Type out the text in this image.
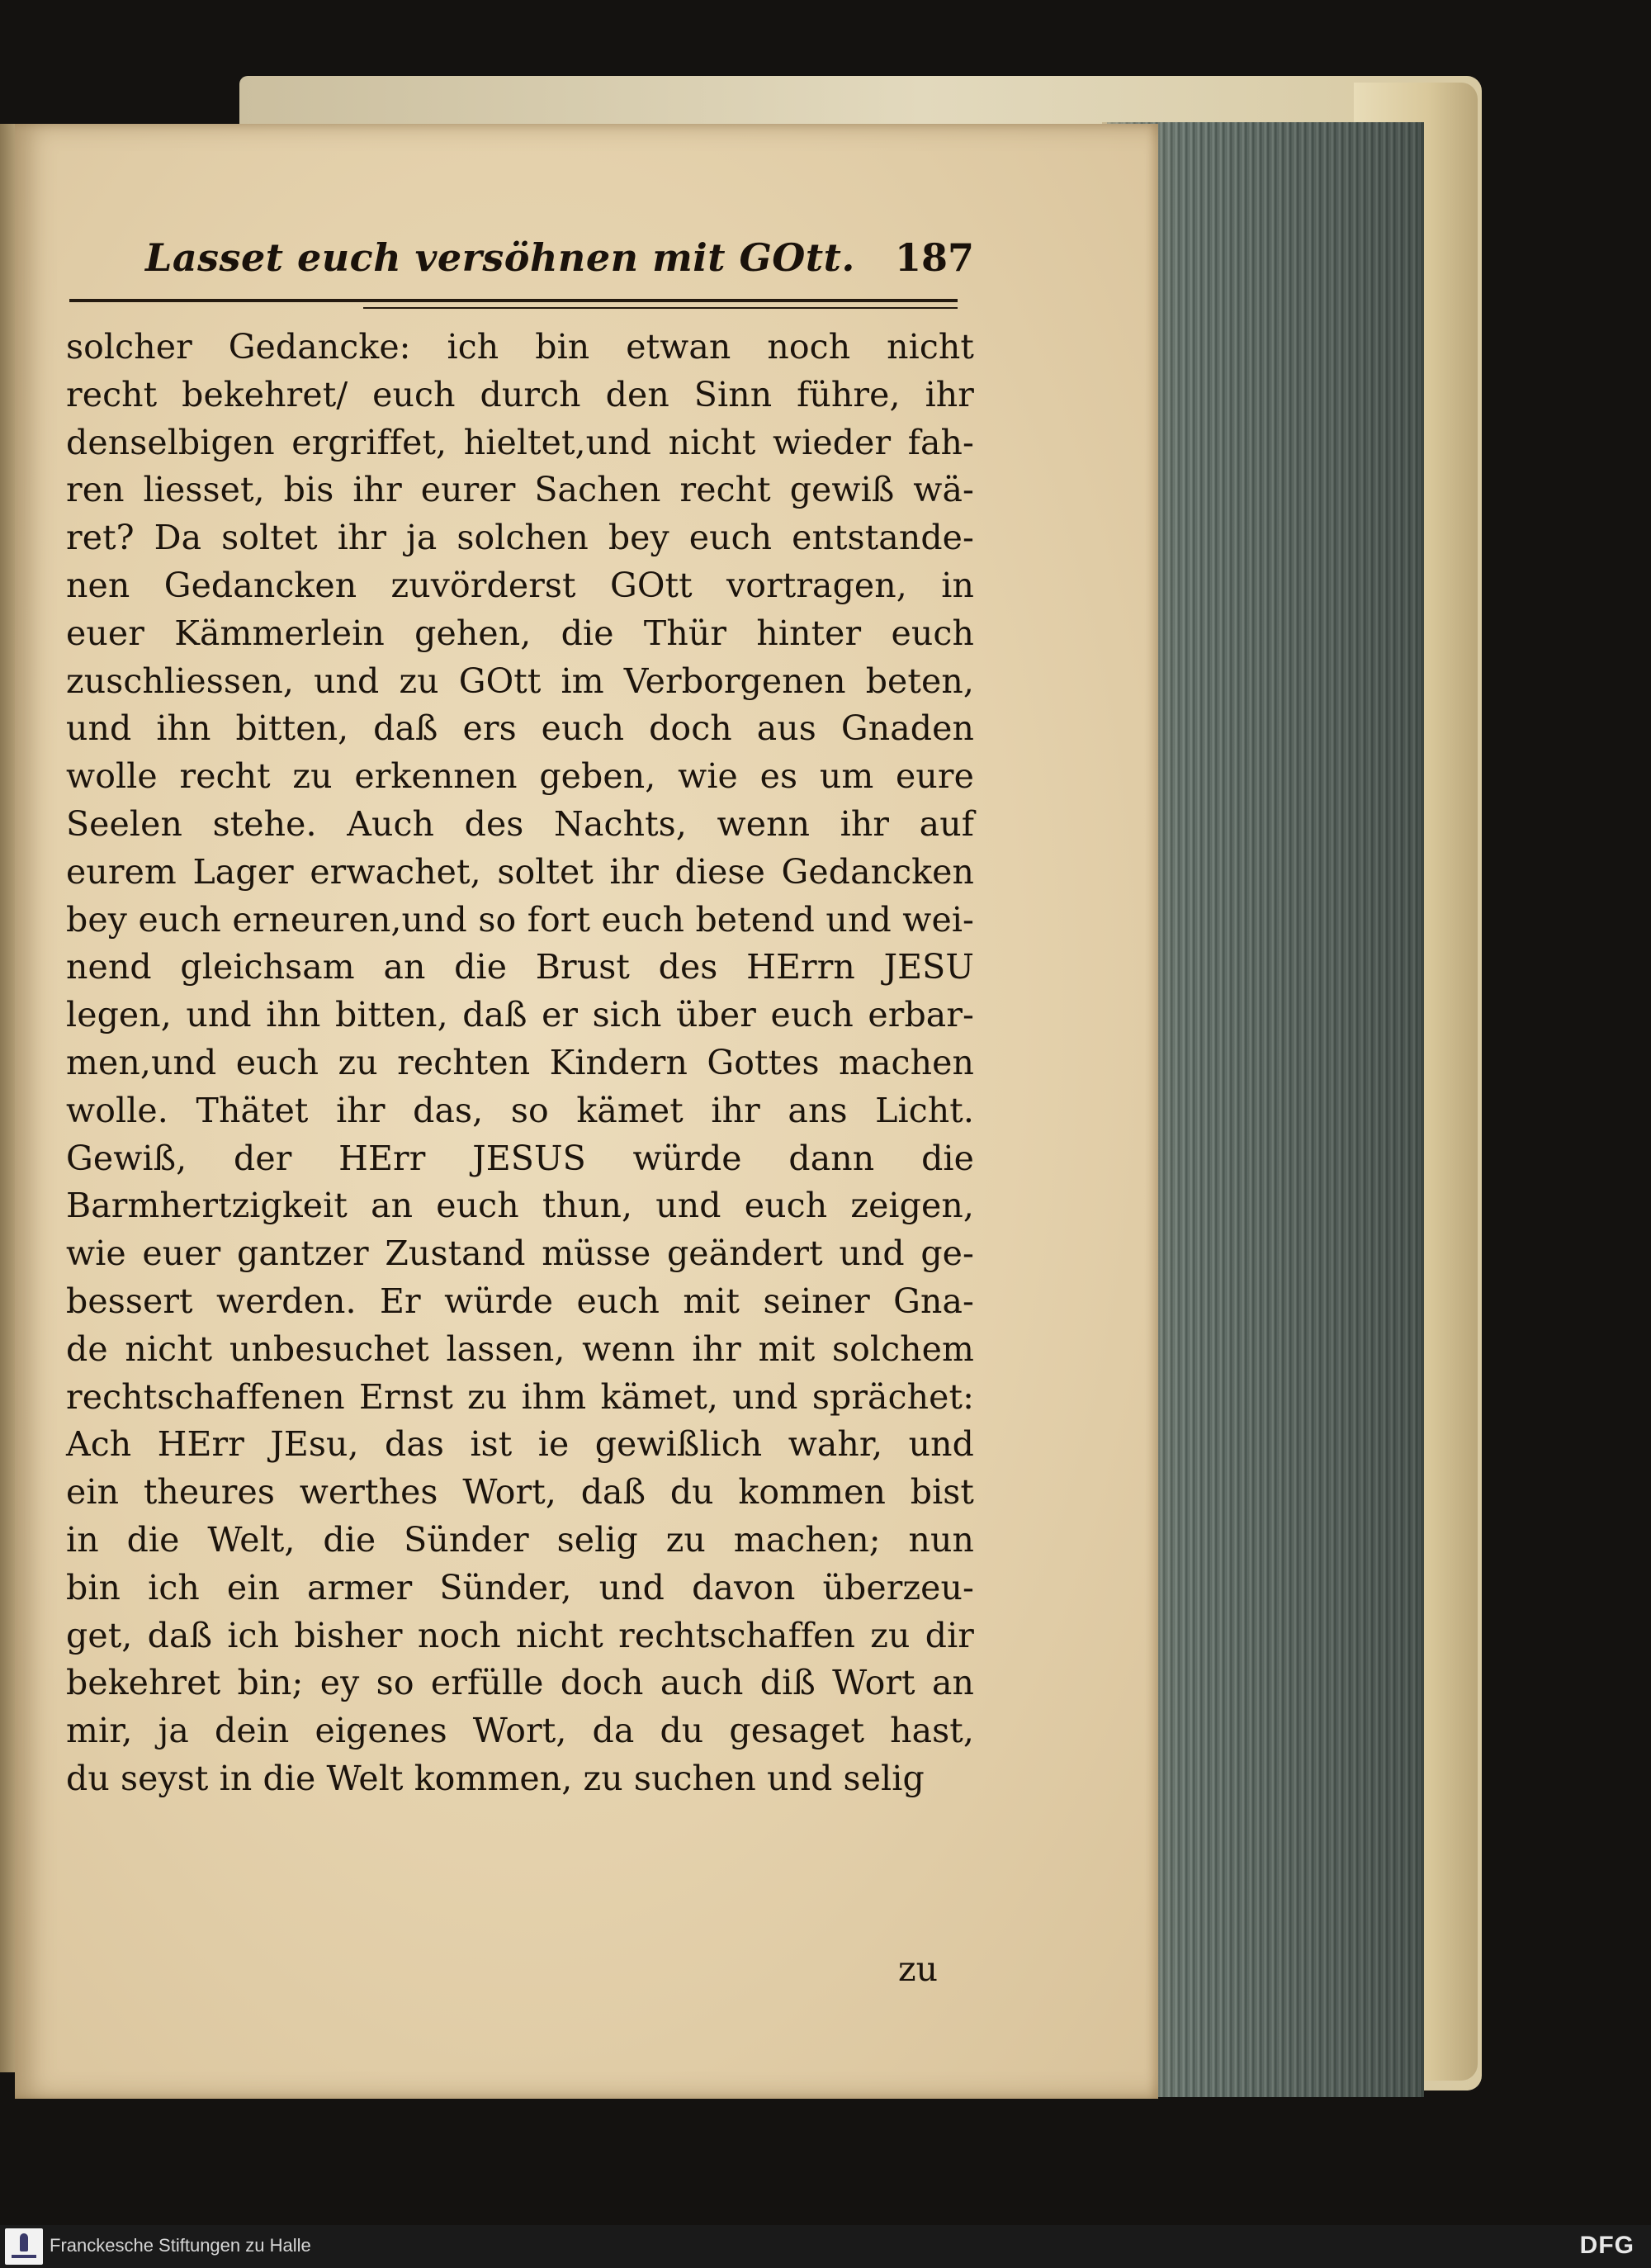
Lasset euch versöhnen mit GOtt. 187
solcher Gedancke: ich bin etwan noch nicht
recht bekehret/ euch durch den Sinn führe, ihr
denselbigen ergriffet, hieltet,und nicht wieder fah-
ren liesset, bis ihr eurer Sachen recht gewiß wä-
ret? Da soltet ihr ja solchen bey euch entstande-
nen Gedancken zuvörderst GOtt vortragen, in
euer Kämmerlein gehen, die Thür hinter euch
zuschliessen, und zu GOtt im Verborgenen beten,
und ihn bitten, daß ers euch doch aus Gnaden
wolle recht zu erkennen geben, wie es um eure
Seelen stehe. Auch des Nachts, wenn ihr auf
eurem Lager erwachet, soltet ihr diese Gedancken
bey euch erneuren,und so fort euch betend und wei-
nend gleichsam an die Brust des HErrn JESU
legen, und ihn bitten, daß er sich über euch erbar-
men,und euch zu rechten Kindern Gottes machen
wolle. Thätet ihr das, so kämet ihr ans Licht.
Gewiß, der HErr JESUS würde dann die
Barmhertzigkeit an euch thun, und euch zeigen,
wie euer gantzer Zustand müsse geändert und ge-
bessert werden. Er würde euch mit seiner Gna-
de nicht unbesuchet lassen, wenn ihr mit solchem
rechtschaffenen Ernst zu ihm kämet, und sprächet:
Ach HErr JEsu, das ist ie gewißlich wahr, und
ein theures werthes Wort, daß du kommen bist
in die Welt, die Sünder selig zu machen; nun
bin ich ein armer Sünder, und davon überzeu-
get, daß ich bisher noch nicht rechtschaffen zu dir
bekehret bin; ey so erfülle doch auch diß Wort an
mir, ja dein eigenes Wort, da du gesaget hast,
du seyst in die Welt kommen, zu suchen und selig
zu
Franckesche Stiftungen zu Halle	DFG
